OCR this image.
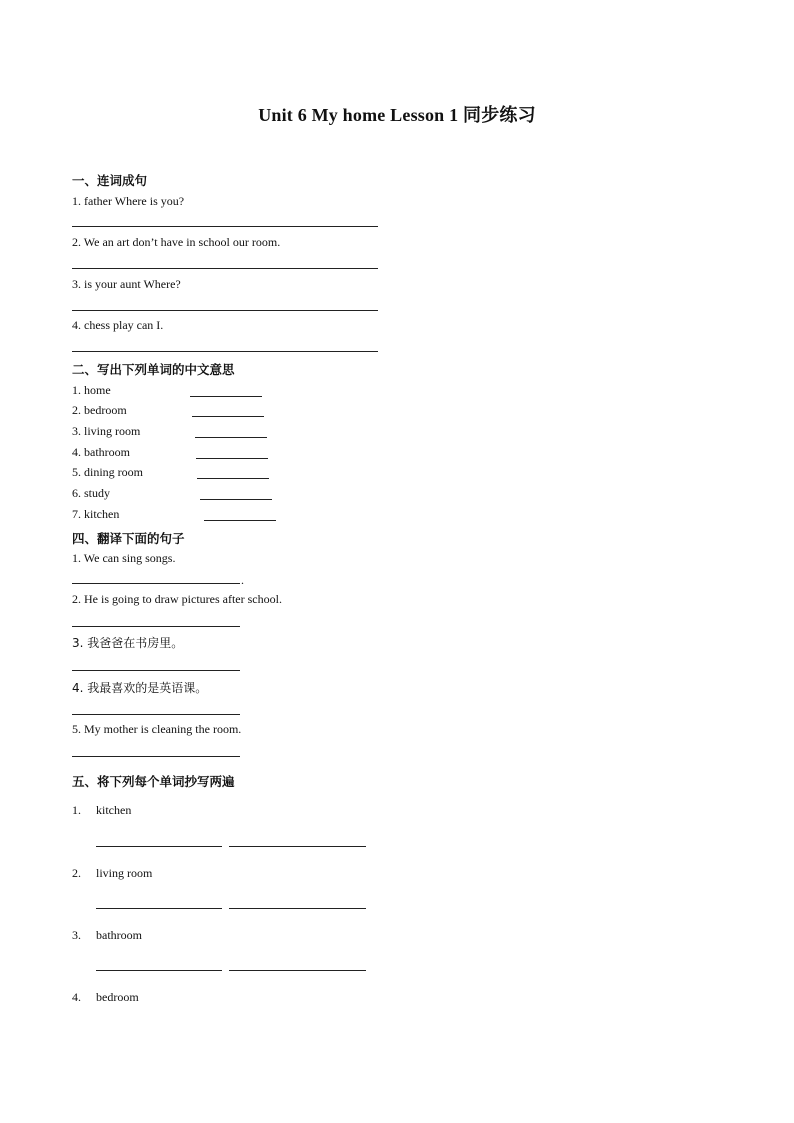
Unit 6 My home Lesson 1 同步练习
一、连词成句
1. father Where is you?
2. We an art don’t have in school our room.
3. is your aunt Where?
4. chess play can I.
二、写出下列单词的中文意思
1. home
2. bedroom
3. living room
4. bathroom
5. dining room
6. study
7. kitchen
四、翻译下面的句子
1. We can sing songs.
.
2. He is going to draw pictures after school.
3. 我爸爸在书房里。
4. 我最喜欢的是英语课。
5. My mother is cleaning the room.
五、将下列每个单词抄写两遍
1. kitchen
2. living room
3. bathroom
4. bedroom
